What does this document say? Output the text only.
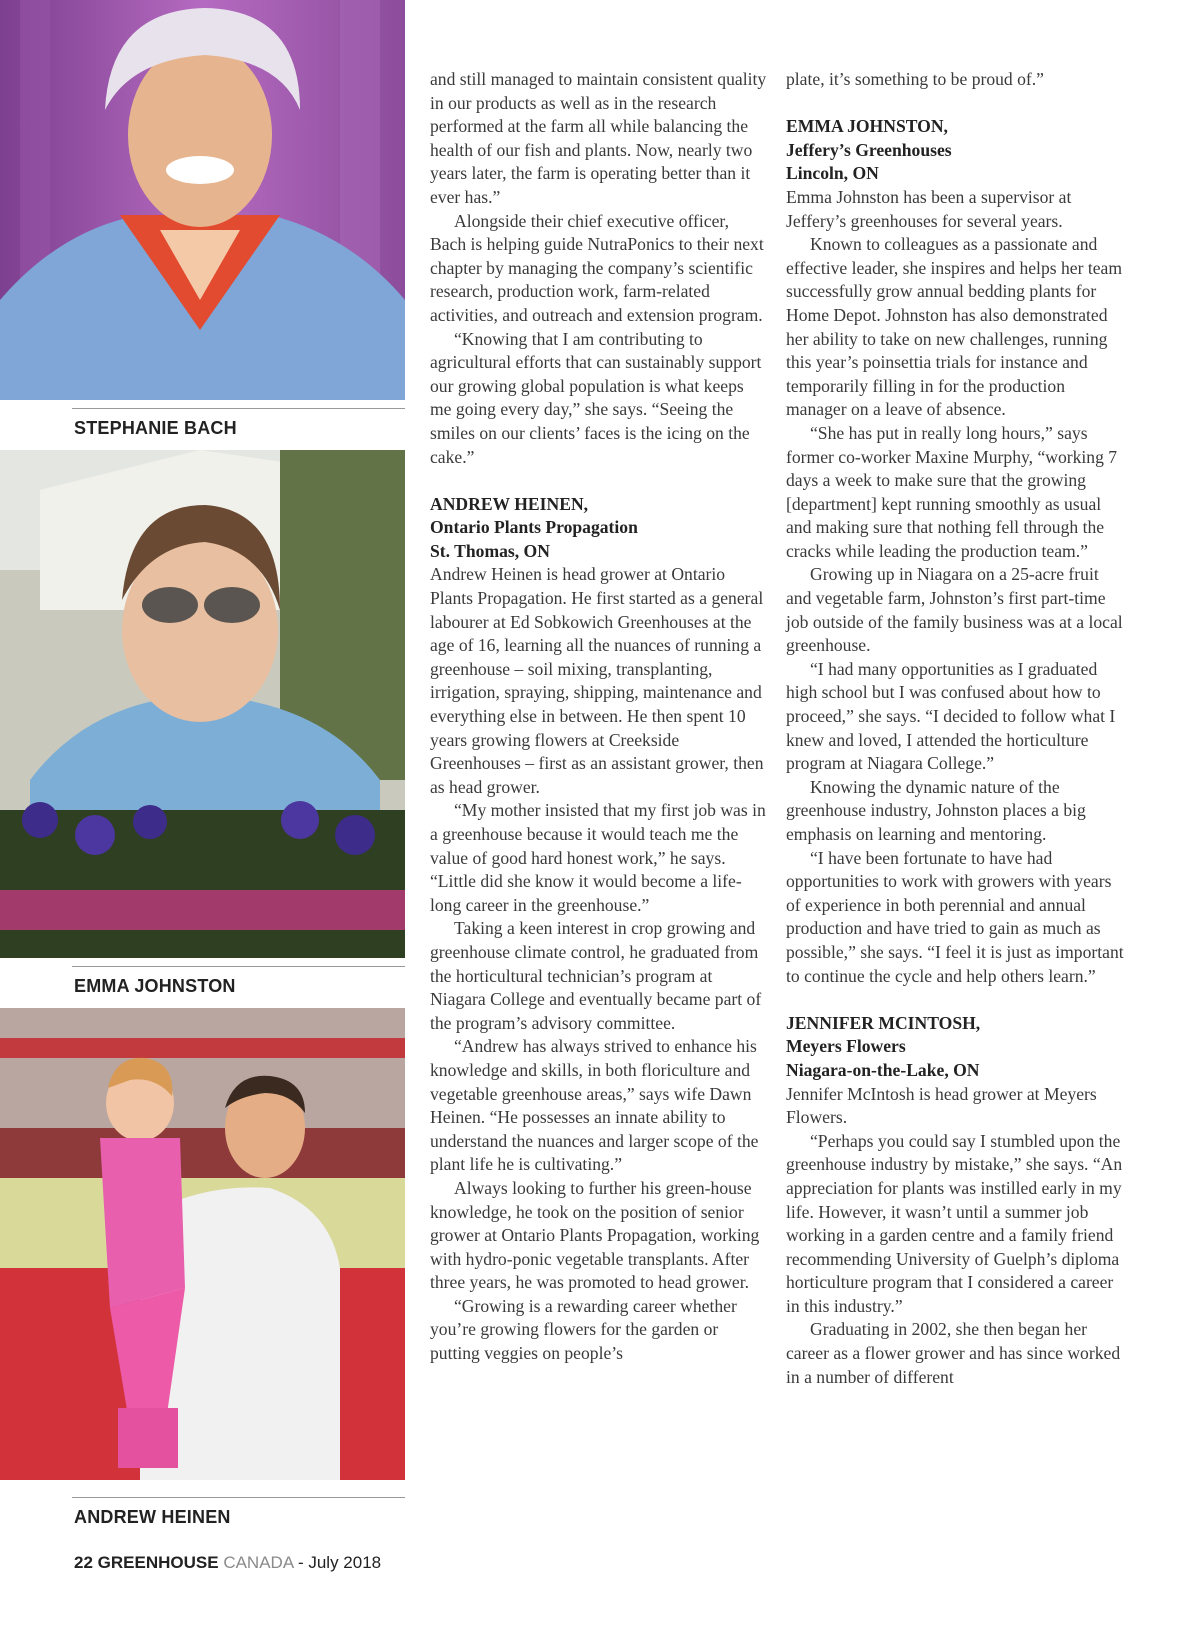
STEPHANIE BACH
EMMA JOHNSTON
ANDREW HEINEN

and still managed to maintain consistent quality in our products as well as in the research performed at the farm all while balancing the health of our fish and plants. Now, nearly two years later, the farm is operating better than it ever has.”

Alongside their chief executive officer, Bach is helping guide NutraPonics to their next chapter by managing the company’s scientific research, production work, farm-related activities, and outreach and extension program.

“Knowing that I am contributing to agricultural efforts that can sustainably support our growing global population is what keeps me going every day,” she says. “Seeing the smiles on our clients’ faces is the icing on the cake.”

ANDREW HEINEN,
Ontario Plants Propagation
St. Thomas, ON

Andrew Heinen is head grower at Ontario Plants Propagation. He first started as a general labourer at Ed Sobkowich Greenhouses at the age of 16, learning all the nuances of running a greenhouse – soil mixing, transplanting, irrigation, spraying, shipping, maintenance and everything else in between. He then spent 10 years growing flowers at Creekside Greenhouses – first as an assistant grower, then as head grower.

“My mother insisted that my first job was in a greenhouse because it would teach me the value of good hard honest work,” he says. “Little did she know it would become a life-long career in the greenhouse.”

Taking a keen interest in crop growing and greenhouse climate control, he graduated from the horticultural technician’s program at Niagara College and eventually became part of the program’s advisory committee.

“Andrew has always strived to enhance his knowledge and skills, in both floriculture and vegetable greenhouse areas,” says wife Dawn Heinen. “He possesses an innate ability to understand the nuances and larger scope of the plant life he is cultivating.”

Always looking to further his green-house knowledge, he took on the position of senior grower at Ontario Plants Propagation, working with hydro-ponic vegetable transplants. After three years, he was promoted to head grower.

“Growing is a rewarding career whether you’re growing flowers for the garden or putting veggies on people’s

plate, it’s something to be proud of.”

EMMA JOHNSTON,
Jeffery’s Greenhouses
Lincoln, ON

Emma Johnston has been a supervisor at Jeffery’s greenhouses for several years.

Known to colleagues as a passionate and effective leader, she inspires and helps her team successfully grow annual bedding plants for Home Depot. Johnston has also demonstrated her ability to take on new challenges, running this year’s poinsettia trials for instance and temporarily filling in for the production manager on a leave of absence.

“She has put in really long hours,” says former co-worker Maxine Murphy, “working 7 days a week to make sure that the growing [department] kept running smoothly as usual and making sure that nothing fell through the cracks while leading the production team.”

Growing up in Niagara on a 25-acre fruit and vegetable farm, Johnston’s first part-time job outside of the family business was at a local greenhouse.

“I had many opportunities as I graduated high school but I was confused about how to proceed,” she says. “I decided to follow what I knew and loved, I attended the horticulture program at Niagara College.”

Knowing the dynamic nature of the greenhouse industry, Johnston places a big emphasis on learning and mentoring.

“I have been fortunate to have had opportunities to work with growers with years of experience in both perennial and annual production and have tried to gain as much as possible,” she says. “I feel it is just as important to continue the cycle and help others learn.”

JENNIFER MCINTOSH,
Meyers Flowers
Niagara-on-the-Lake, ON

Jennifer McIntosh is head grower at Meyers Flowers.

“Perhaps you could say I stumbled upon the greenhouse industry by mistake,” she says. “An appreciation for plants was instilled early in my life. However, it wasn’t until a summer job working in a garden centre and a family friend recommending University of Guelph’s diploma horticulture program that I considered a career in this industry.”

Graduating in 2002, she then began her career as a flower grower and has since worked in a number of different

22 GREENHOUSE CANADA - July 2018
